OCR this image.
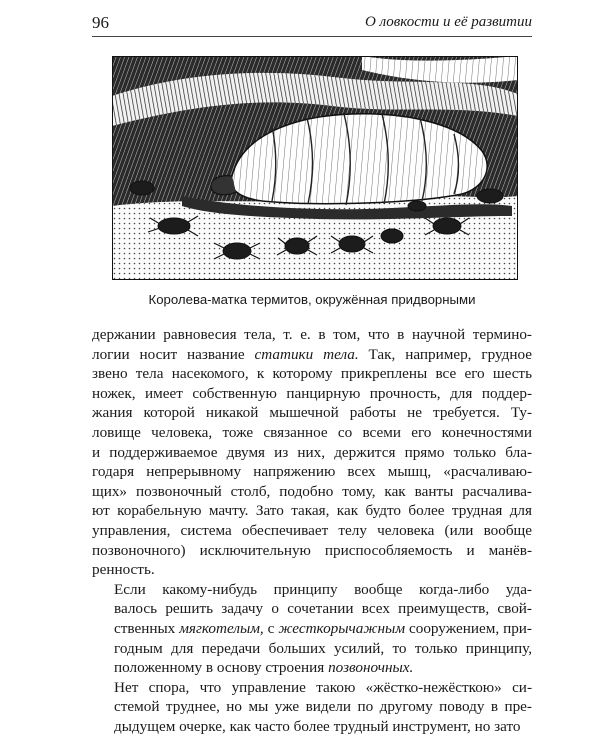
96	О ловкости и её развитии
Королева-матка термитов, окружённая придворными

держании равновесия тела, т. е. в том, что в научной термино-
логии носит название статики тела. Так, например, грудное
звено тела насекомого, к которому прикреплены все его шесть
ножек, имеет собственную панцирную прочность, для поддер-
жания которой никакой мышечной работы не требуется. Ту-
ловище человека, тоже связанное со всеми его конечностями
и поддерживаемое двумя из них, держится прямо только бла-
годаря непрерывному напряжению всех мышц, «расчаливаю-
щих» позвоночный столб, подобно тому, как ванты расчалива-
ют корабельную мачту. Зато такая, как будто более трудная для
управления, система обеспечивает телу человека (или вообще
позвоночного) исключительную приспособляемость и манёв-
ренность.

Если какому-нибудь принципу вообще когда-либо уда-
валось решить задачу о сочетании всех преимуществ, свой-
ственных мягкотелым, с жесткорычажным сооружением, при-
годным для передачи больших усилий, то только принципу,
положенному в основу строения позвоночных.

Нет спора, что управление такою «жёстко-нежёсткою» си-
стемой труднее, но мы уже видели по другому поводу в пре-
дыдущем очерке, как часто более трудный инструмент, но зато
